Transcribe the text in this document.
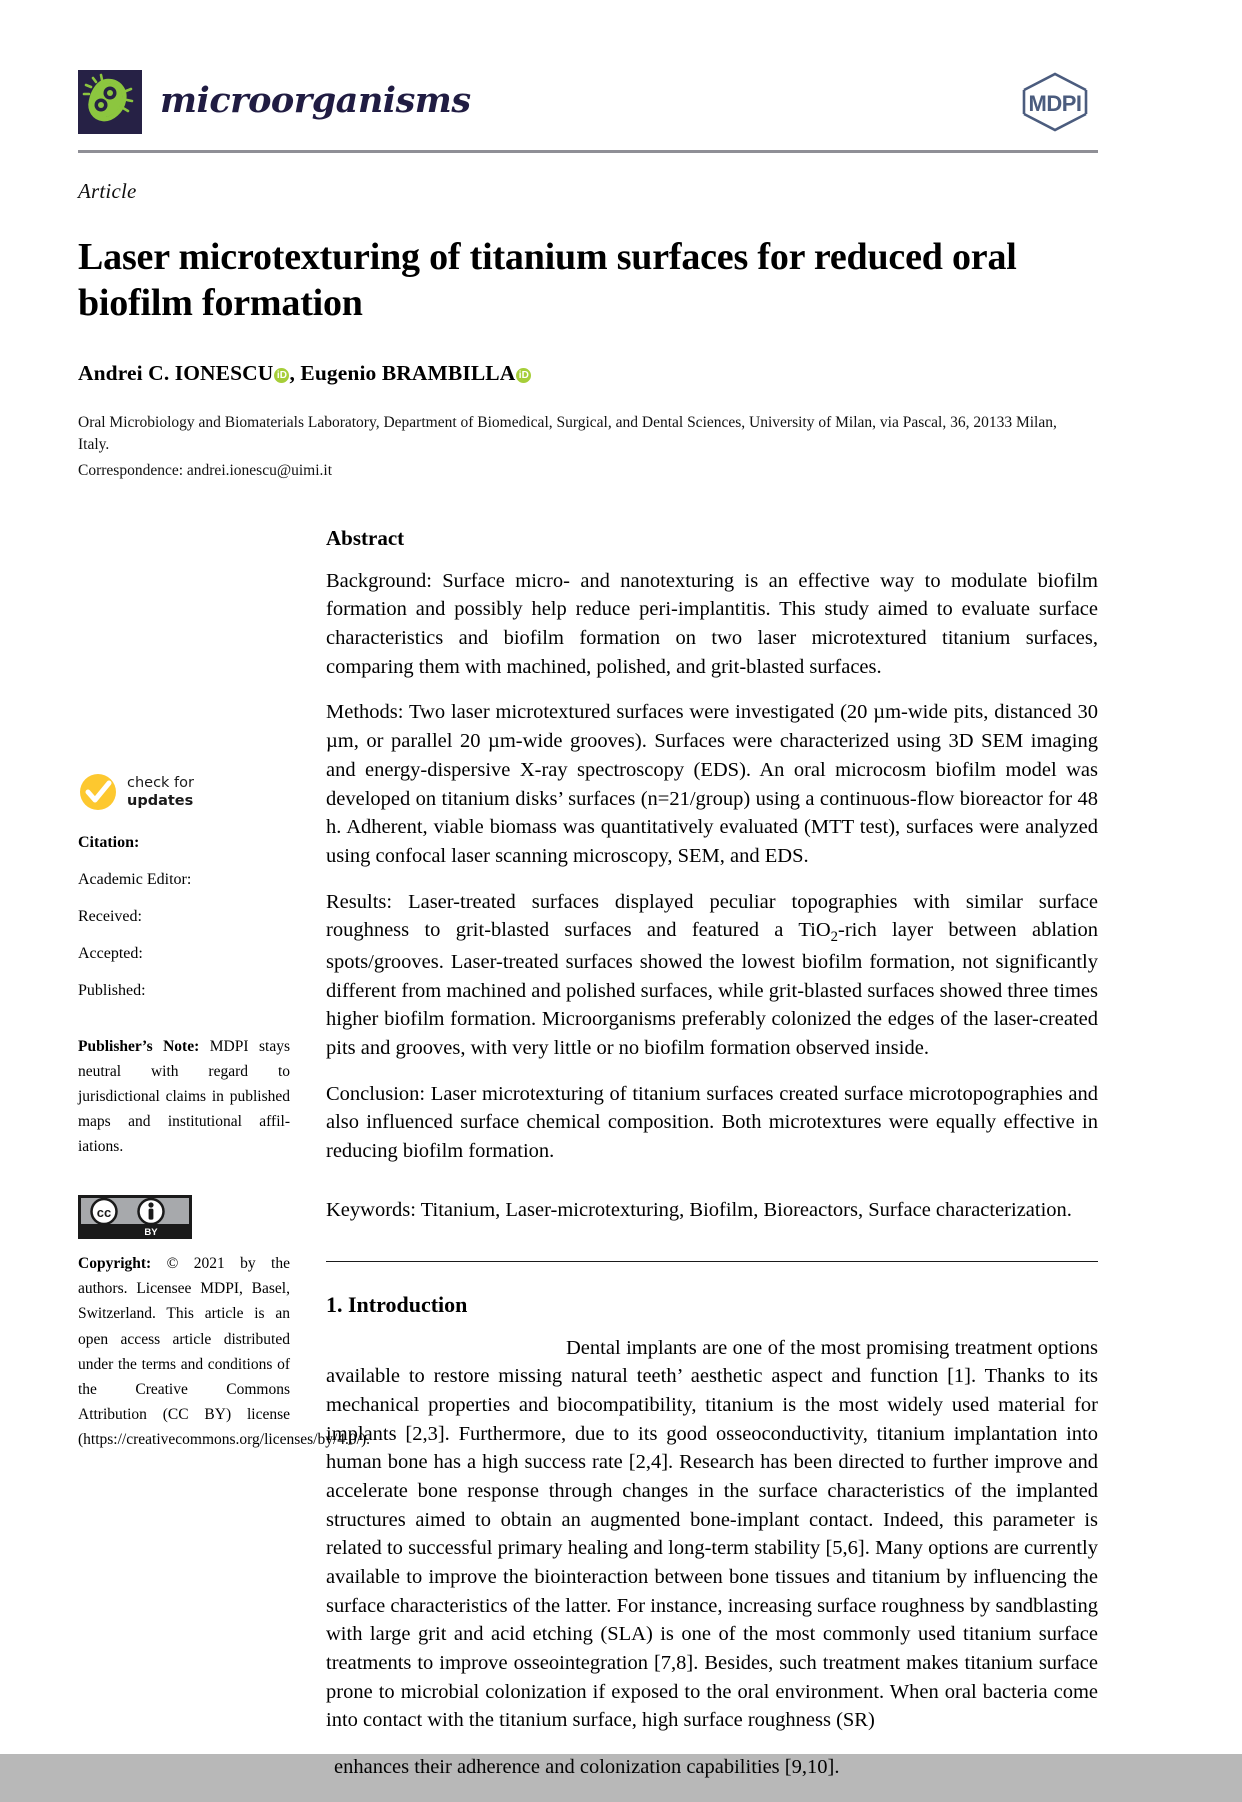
microorganisms	MDPI
Article
Laser microtexturing of titanium surfaces for reduced oral biofilm formation
Andrei C. IONESCU iD , Eugenio BRAMBILLA iD
Oral Microbiology and Biomaterials Laboratory, Department of Biomedical, Surgical, and Dental Sciences, University of Milan, via Pascal, 36, 20133 Milan, Italy.
Correspondence: andrei.ionescu@uimi.it
check for
updates
Citation:
Academic Editor:
Received:
Accepted:
Published:
Publisher’s Note: MDPI stays neutral with regard to jurisdictional claims in published maps and institutional affil-iations.
cc
BY
Copyright: © 2021 by the authors. Licensee MDPI, Basel, Switzerland. This article is an open access article distributed under the terms and conditions of the Creative Commons Attribution (CC BY) license (https://creativecommons.org/licenses/by/4.0/).
Abstract

Background: Surface micro- and nanotexturing is an effective way to modulate biofilm formation and possibly help reduce peri-implantitis. This study aimed to evaluate surface characteristics and biofilm formation on two laser microtextured titanium surfaces, comparing them with machined, polished, and grit-blasted surfaces.

Methods: Two laser microtextured surfaces were investigated (20 µm-wide pits, distanced 30 µm, or parallel 20 µm-wide grooves). Surfaces were characterized using 3D SEM imaging and energy-dispersive X-ray spectroscopy (EDS). An oral microcosm biofilm model was developed on titanium disks’ surfaces (n=21/group) using a continuous-flow bioreactor for 48 h. Adherent, viable biomass was quantitatively evaluated (MTT test), surfaces were analyzed using confocal laser scanning microscopy, SEM, and EDS.

Results: Laser-treated surfaces displayed peculiar topographies with similar surface roughness to grit-blasted surfaces and featured a TiO$_2$-rich layer between ablation spots/grooves. Laser-treated surfaces showed the lowest biofilm formation, not significantly different from machined and polished surfaces, while grit-blasted surfaces showed three times higher biofilm formation. Microorganisms preferably colonized the edges of the laser-created pits and grooves, with very little or no biofilm formation observed inside.

Conclusion: Laser microtexturing of titanium surfaces created surface microtopographies and also influenced surface chemical composition. Both microtextures were equally effective in reducing biofilm formation.

Keywords: Titanium, Laser-microtexturing, Biofilm, Bioreactors, Surface characterization.
1. Introduction

Dental implants are one of the most promising treatment options available to restore missing natural teeth’ aesthetic aspect and function [1]. Thanks to its mechanical properties and biocompatibility, titanium is the most widely used material for implants [2,3]. Furthermore, due to its good osseoconductivity, titanium implantation into human bone has a high success rate [2,4]. Research has been directed to further improve and accelerate bone response through changes in the surface characteristics of the implanted structures aimed to obtain an augmented bone-implant contact. Indeed, this parameter is related to successful primary healing and long-term stability [5,6]. Many options are currently available to improve the biointeraction between bone tissues and titanium by influencing the surface characteristics of the latter. For instance, increasing surface roughness by sandblasting with large grit and acid etching (SLA) is one of the most commonly used titanium surface treatments to improve osseointegration [7,8]. Besides, such treatment makes titanium surface prone to microbial colonization if exposed to the oral environment. When oral bacteria come into contact with the titanium surface, high surface roughness (SR)

enhances their adherence and colonization capabilities [9,10].
